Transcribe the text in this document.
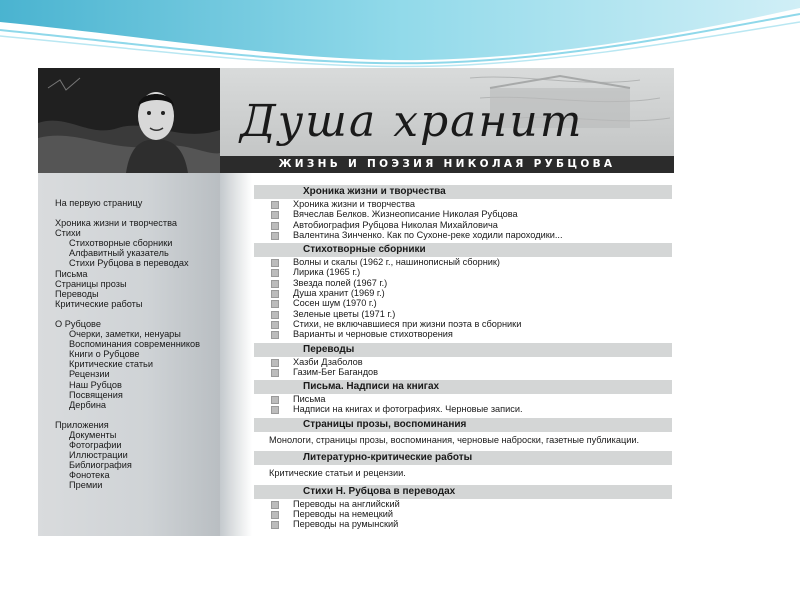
Душа хранит
ЖИЗНЬ И ПОЭЗИЯ НИКОЛАЯ РУБЦОВА
На первую страницу
Хроника жизни и творчества
Стихи
Стихотворные сборники
Алфавитный указатель
Стихи Рубцова в переводах
Письма
Страницы прозы
Переводы
Критические работы
О Рубцове
Очерки, заметки, ненуары
Воспоминания современников
Книги о Рубцове
Критические статьи
Рецензии
Наш Рубцов
Посвящения
Дербина
Приложения
Документы
Фотографии
Иллюстрации
Библиография
Фонотека
Премии
Хроника жизни и творчества
Хроника жизни и творчества
Вячеслав Белков. Жизнеописание Николая Рубцова
Автобиография Рубцова Николая Михайловича
Валентина Зинченко. Как по Сухоне-реке ходили пароходики...
Стихотворные сборники
Волны и скалы (1962 г., нашинописный сборник)
Лирика (1965 г.)
Звезда полей (1967 г.)
Душа хранит (1969 г.)
Сосен шум (1970 г.)
Зеленые цветы (1971 г.)
Стихи, не включавшиеся при жизни поэта в сборники
Варианты и черновые стихотворения
Переводы
Хазби Дзаболов
Газим-Бег Багандов
Письма. Надписи на книгах
Письма
Надписи на книгах и фотографиях. Черновые записи.
Страницы прозы, воспоминания
Монологи, страницы прозы, воспоминания, черновые наброски, газетные публикации.
Литературно-критические работы
Критические статьи и рецензии.
Стихи Н. Рубцова в переводах
Переводы на английский
Переводы на немецкий
Переводы на румынский
